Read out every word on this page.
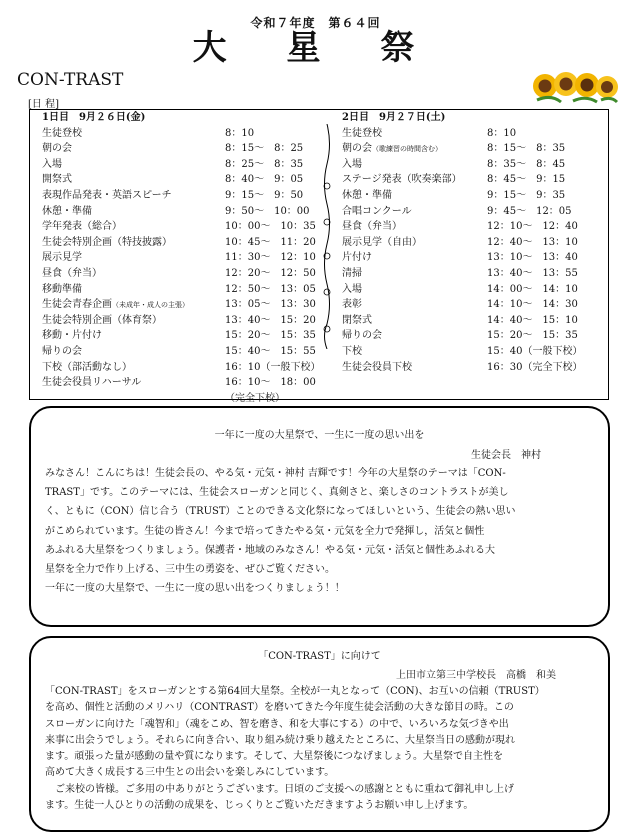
令和７年度　第６４回
大 星 祭
CON-TRAST
[日 程]
1日目　9月２６日(金)
生徒登校	8：10
朝の会	8：15〜　8：25
入場	8：25〜　8：35
開祭式	8：40〜　9：05
表現作品発表・英語スピーチ	9：15〜　9：50
休憩・準備	9：50〜　10：00
学年発表（総合）	10：00〜　10：35
生徒会特別企画（特技披露）	10：45〜　11：20
展示見学	11：30〜　12：10
昼食（弁当）	12：20〜　12：50
移動準備	12：50〜　13：05
生徒会青春企画（未成年・成人の主張）	13：05〜　13：30
生徒会特別企画（体育祭）	13：40〜　15：20
移動・片付け	15：20〜　15：35
帰りの会	15：40〜　15：55
下校（部活動なし）	16：10（一般下校）
生徒会役員リハーサル	16：10〜　18：00
（完全下校）
2日目　9月２７日(土)
生徒登校	8：10
朝の会（歌練習の時間含む）	8：15〜　8：35
入場	8：35〜　8：45
ステージ発表（吹奏楽部）	8：45〜　9：15
休憩・準備	9：15〜　9：35
合唱コンクール	9：45〜　12：05
昼食（弁当）	12：10〜　12：40
展示見学（自由）	12：40〜　13：10
片付け	13：10〜　13：40
清掃	13：40〜　13：55
入場	14：00〜　14：10
表彰	14：10〜　14：30
閉祭式	14：40〜　15：10
帰りの会	15：20〜　15：35
下校	15：40（一般下校）
生徒会役員下校	16：30（完全下校）
一年に一度の大星祭で、一生に一度の思い出を
生徒会長　神村
みなさん！こんにちは！生徒会長の、やる気・元気・神村 吉輝です！今年の大星祭のテーマは「CON-
TRAST」です。このテーマには、生徒会スローガンと同じく、真剣さと、楽しさのコントラストが美し
く、ともに（CON）信じ合う（TRUST）ことのできる文化祭になってほしいという、生徒会の熱い思い
がこめられています。生徒の皆さん！今まで培ってきたやる気・元気を全力で発揮し，活気と個性
あふれる大星祭をつくりましょう。保護者・地域のみなさん！やる気・元気・活気と個性あふれる大
星祭を全力で作り上げる、三中生の勇姿を、ぜひご覧ください。
一年に一度の大星祭で、一生に一度の思い出をつくりましょう！！
「CON-TRAST」に向けて
上田市立第三中学校長　高橋　和美
「CON-TRAST」をスローガンとする第64回大星祭。全校が一丸となって（CON)、お互いの信頼（TRUST）
を高め、個性と活動のメリハリ（CONTRAST）を磨いてきた今年度生徒会活動の大きな節目の時。この
スローガンに向けた「魂智和」（魂をこめ、智を磨き、和を大事にする）の中で、いろいろな気づきや出
来事に出会うでしょう。それらに向き合い、取り組み続け乗り越えたところに、大星祭当日の感動が現れ
ます。頑張った量が感動の量や質になります。そして、大星祭後につなげましょう。大星祭で自主性を
高めて大きく成長する三中生との出会いを楽しみにしています。
　ご来校の皆様。ご多用の中ありがとうございます。日頃のご支援への感謝とともに重ねて御礼申し上げ
ます。生徒一人ひとりの活動の成果を、じっくりとご覧いただきますようお願い申し上げます。
